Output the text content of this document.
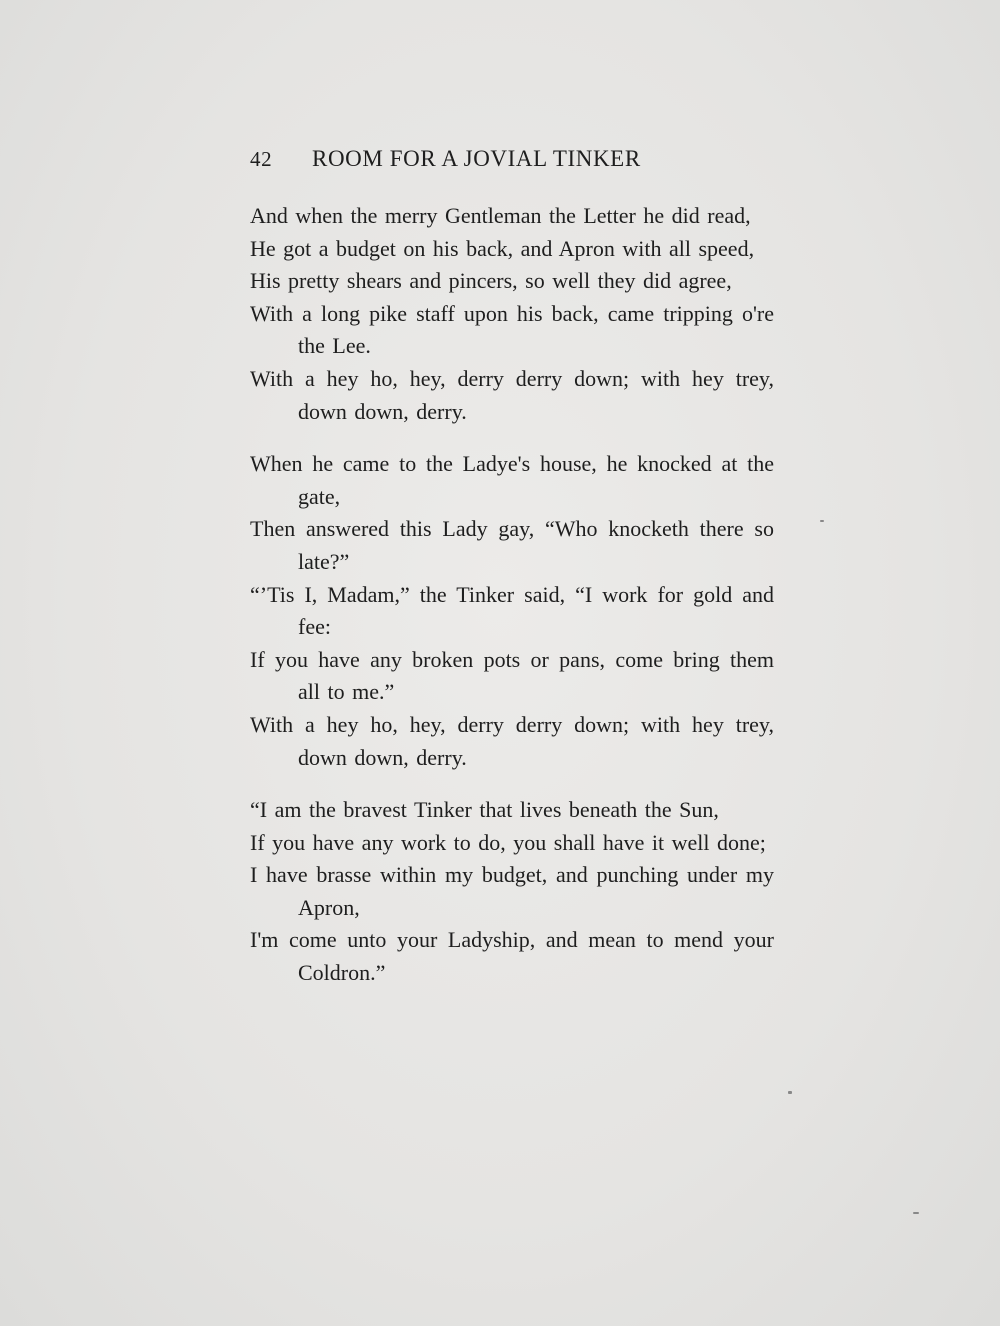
42 ROOM FOR A JOVIAL TINKER
And when the merry Gentleman the Letter he did read,
He got a budget on his back, and Apron with all speed,
His pretty shears and pincers, so well they did agree,
With a long pike staff upon his back, came tripping o're the Lee.
With a hey ho, hey, derry derry down; with hey trey, down down, derry.
When he came to the Ladye's house, he knocked at the gate,
Then answered this Lady gay, “Who knocketh there so late?”
“’Tis I, Madam,” the Tinker said, “I work for gold and fee:
If you have any broken pots or pans, come bring them all to me.”
With a hey ho, hey, derry derry down; with hey trey, down down, derry.
“I am the bravest Tinker that lives beneath the Sun,
If you have any work to do, you shall have it well done;
I have brasse within my budget, and punching under my Apron,
I'm come unto your Ladyship, and mean to mend your Coldron.”
